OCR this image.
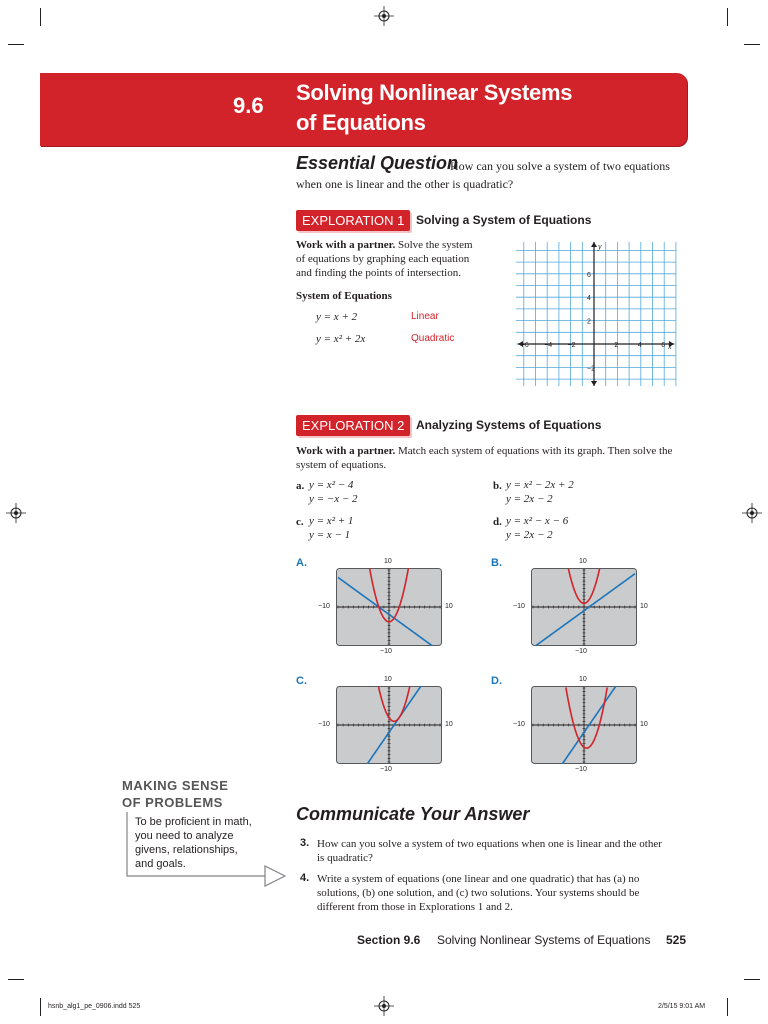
9.6
Solving Nonlinear Systems
of Equations
Essential Question
How can you solve a system of two equations
when one is linear and the other is quadratic?
EXPLORATION 1 Solving a System of Equations
Work with a partner. Solve the system
of equations by graphing each equation
and finding the points of intersection.
System of Equations
y = x + 2	Linear
y = x² + 2x	Quadratic
−6 −4 −2	2	4	6
6
4
2
−2
x
y
EXPLORATION 2 Analyzing Systems of Equations
Work with a partner. Match each system of equations with its graph. Then solve the
system of equations.
a. y = x² − 4
y = −x − 2
b. y = x² − 2x + 2
y = 2x − 2
c. y = x² + 1
y = x − 1
d. y = x² − x − 6
y = 2x − 2
A.	B.
C.	D.
10
−10	10
−10
10
−10	10
−10
10
−10	10
−10
10
−10	10
−10
MAKING SENSE
OF PROBLEMS
To be proficient in math,
you need to analyze
givens, relationships,
and goals.
Communicate Your Answer
3. How can you solve a system of two equations when one is linear and the other
is quadratic?
4. Write a system of equations (one linear and one quadratic) that has (a) no
solutions, (b) one solution, and (c) two solutions. Your systems should be
different from those in Explorations 1 and 2.
Section 9.6 Solving Nonlinear Systems of Equations 525
hsnb_alg1_pe_0906.indd 525	2/5/15 9:01 AM
